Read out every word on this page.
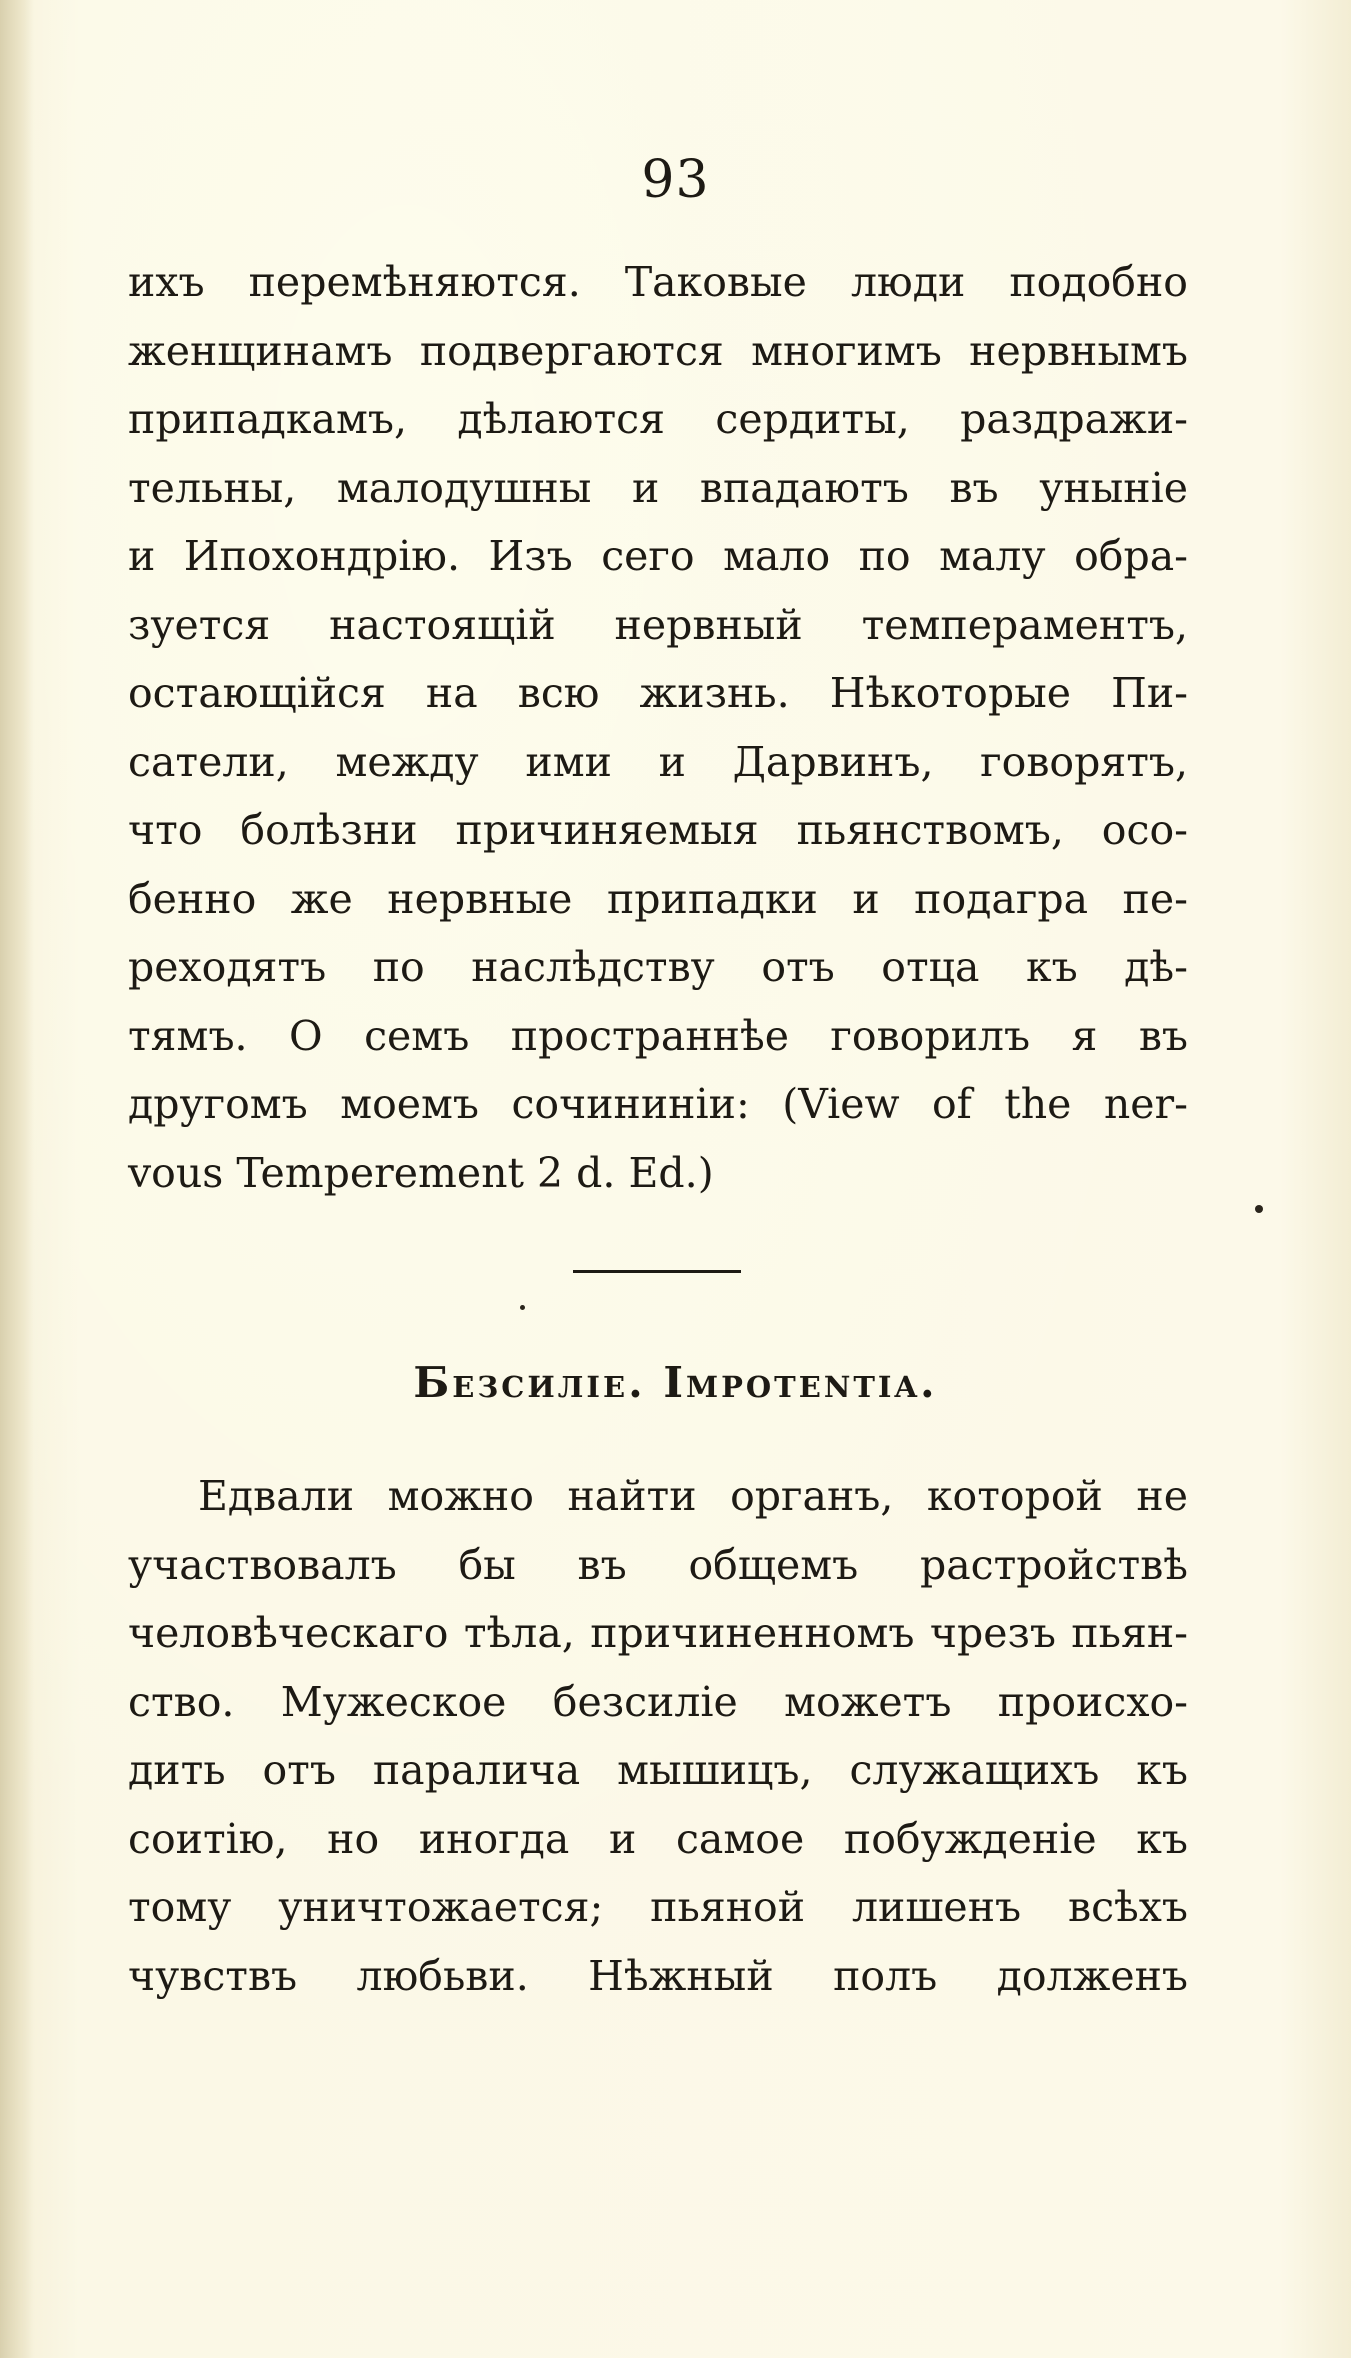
93
ихъ перемѣняются. Таковые люди подобно
женщинамъ подвергаются многимъ нервнымъ
припадкамъ, дѣлаются сердиты, раздражи-
тельны, малодушны и впадаютъ въ уныніе
и Ипохондрію. Изъ сего мало по малу обра-
зуется настоящій нервный темпераментъ,
остающійся на всю жизнь. Нѣкоторые Пи-
сатели, между ими и Дарвинъ, говорятъ,
что болѣзни причиняемыя пьянствомъ, осо-
бенно же нервные припадки и подагра пе-
реходятъ по наслѣдству отъ отца къ дѣ-
тямъ. О семъ пространнѣе говорилъ я въ
другомъ моемъ сочининіи: (View of the ner-
vous Temperement 2 d. Ed.)
Безсиліе. Impotentia.
Едвали можно найти органъ, которой не
участвовалъ бы въ общемъ растройствѣ
человѣческаго тѣла, причиненномъ чрезъ пьян-
ство. Мужеское безсиліе можетъ происхо-
дить отъ паралича мышицъ, служащихъ къ
соитію, но иногда и самое побужденіе къ
тому уничтожается; пьяной лишенъ всѣхъ
чувствъ любьви. Нѣжный полъ долженъ
